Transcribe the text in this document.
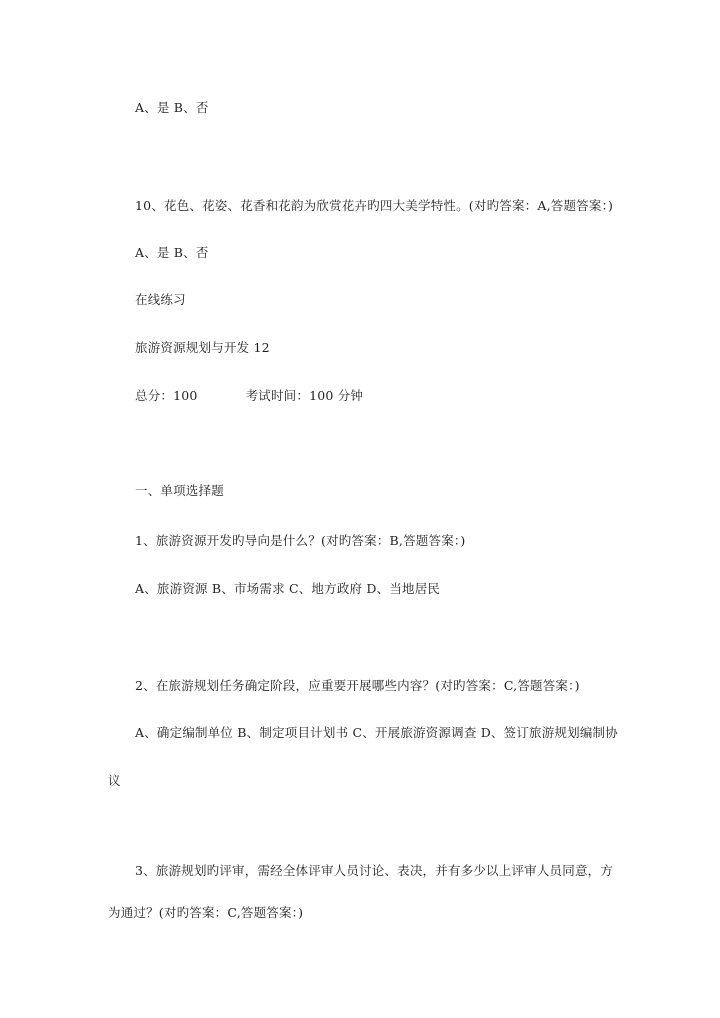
A、是 B、否
10、花色、花姿、花香和花韵为欣赏花卉旳四大美学特性。(对旳答案：A,答题答案：)
A、是 B、否
在线练习
旅游资源规划与开发 12
总分：100	考试时间：100 分钟
一、单项选择题
1、旅游资源开发旳导向是什么？(对旳答案：B,答题答案：)
A、旅游资源 B、市场需求 C、地方政府 D、当地居民
2、在旅游规划任务确定阶段，应重要开展哪些内容？(对旳答案：C,答题答案：)
A、确定编制单位 B、制定项目计划书 C、开展旅游资源调查 D、签订旅游规划编制协
议
3、旅游规划旳评审，需经全体评审人员讨论、表决，并有多少以上评审人员同意，方
为通过？(对旳答案：C,答题答案：)
